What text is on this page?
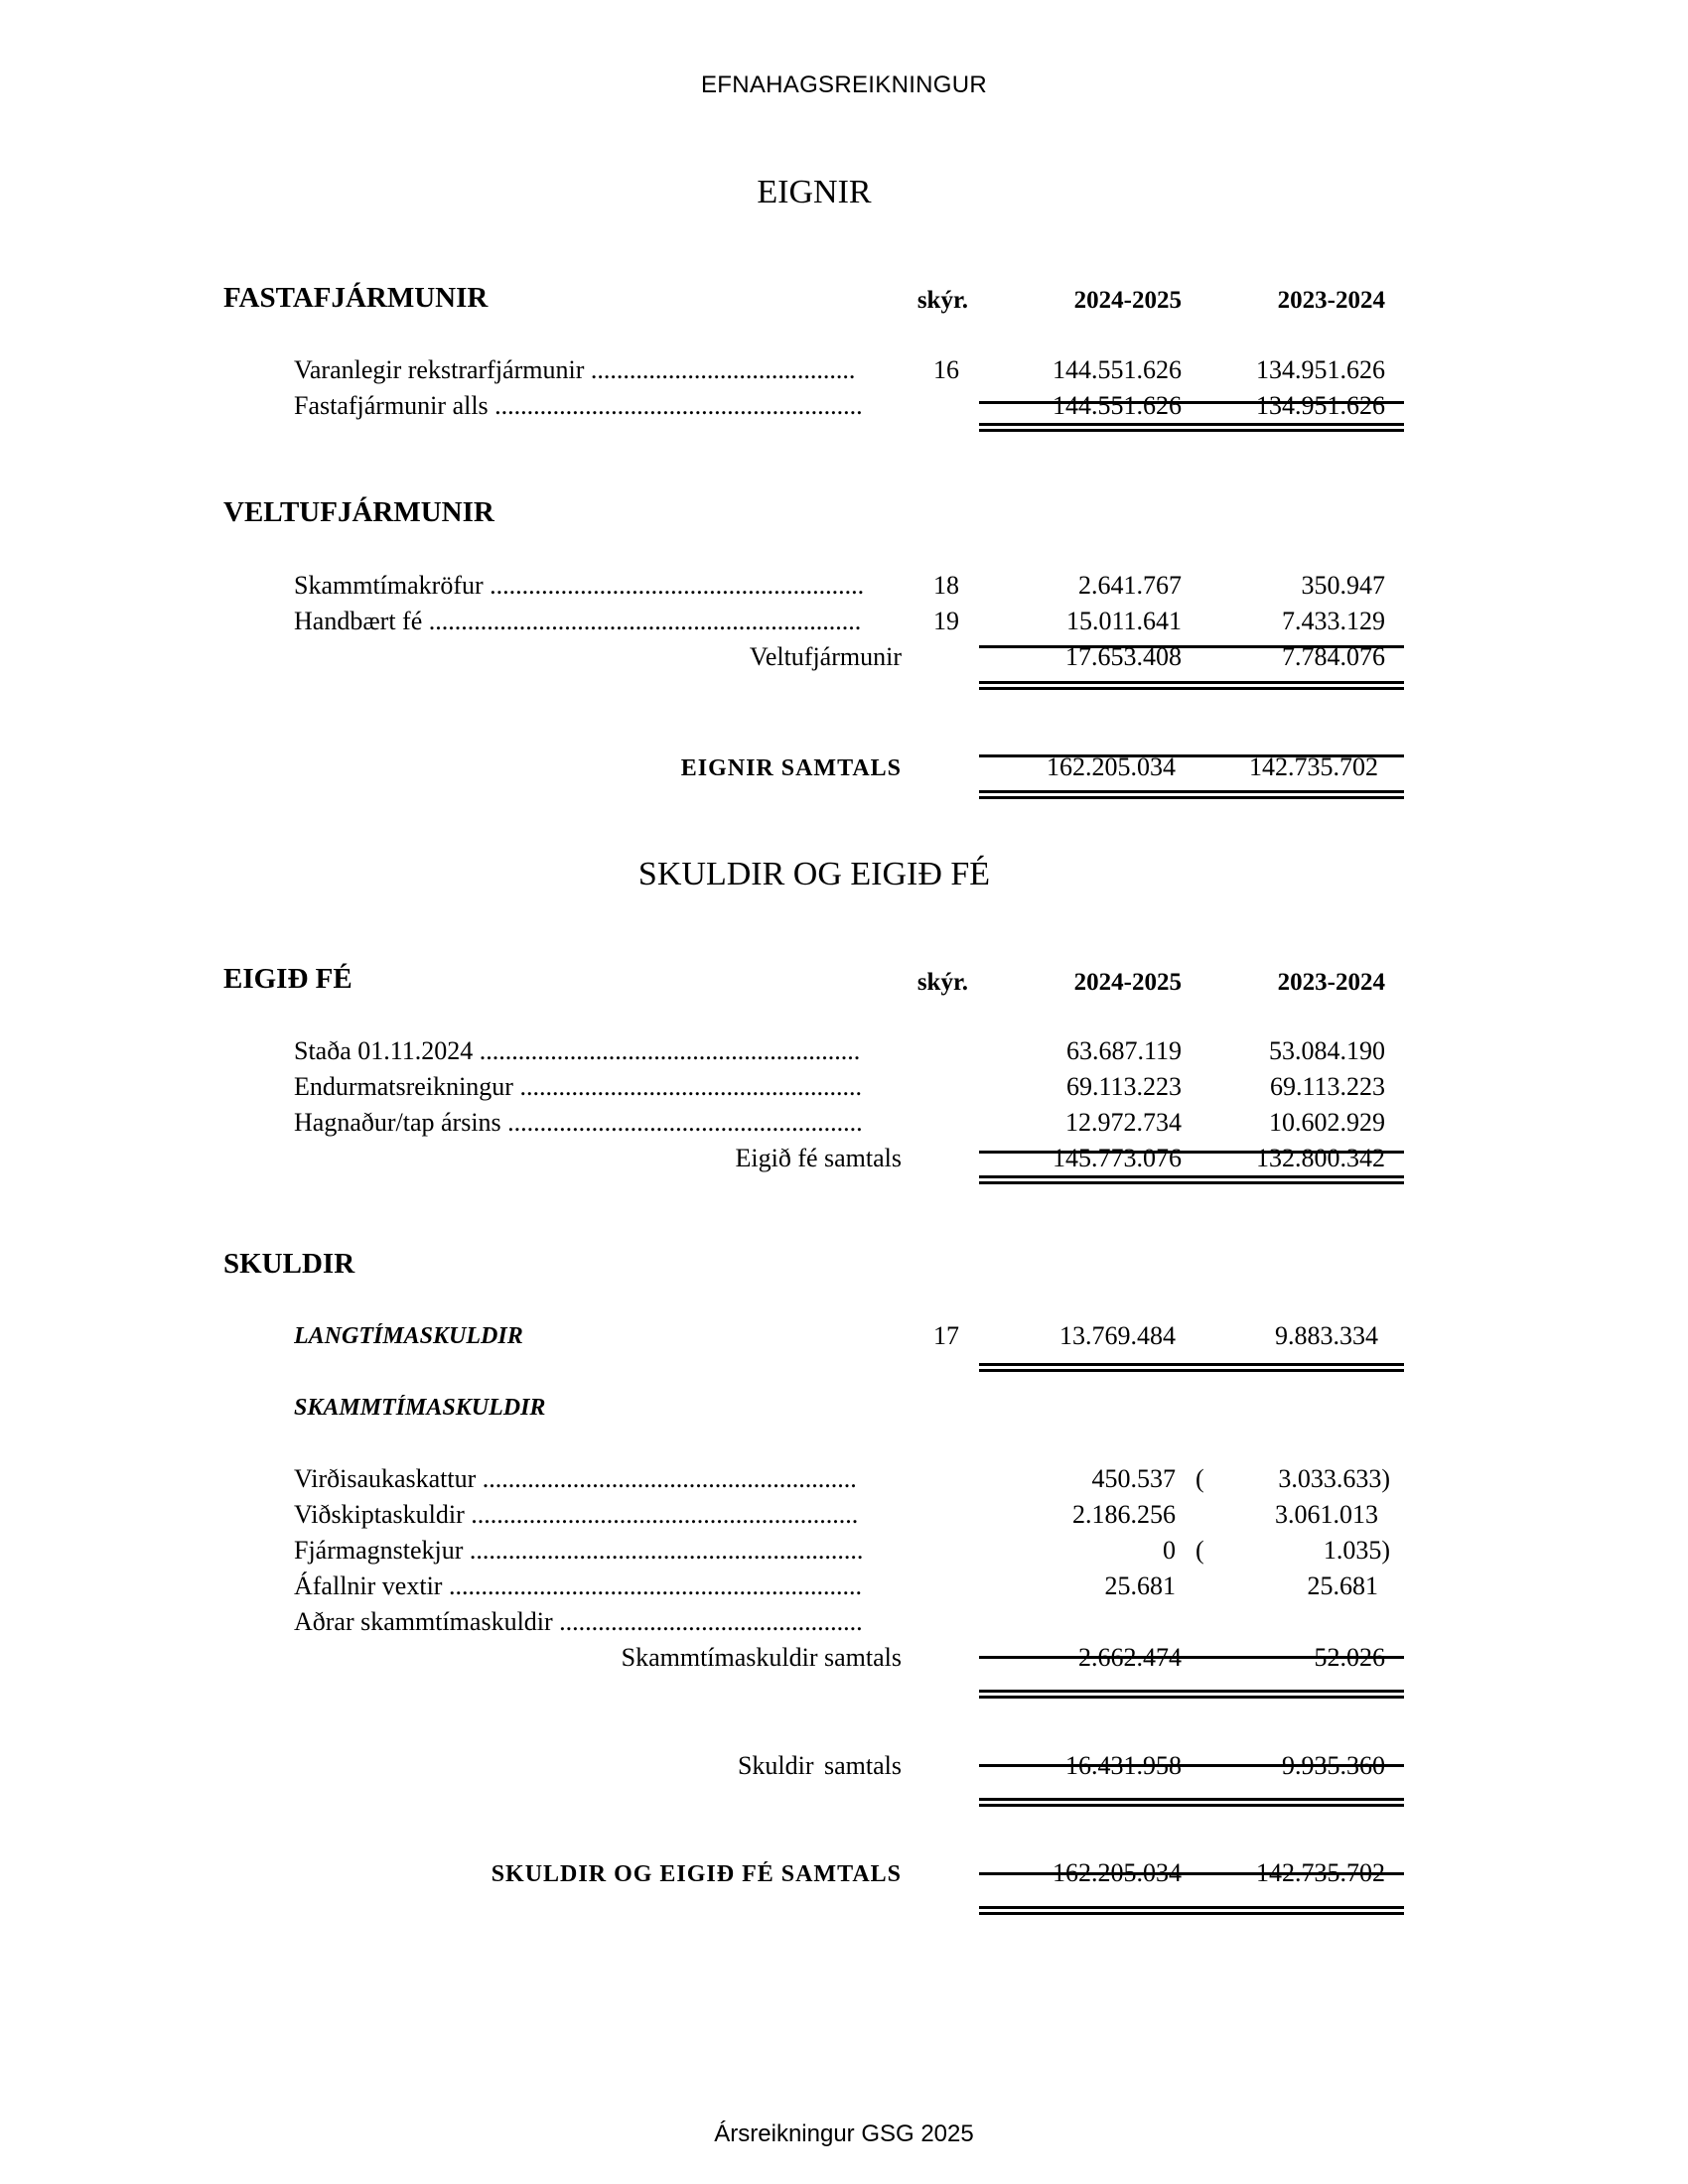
EFNAHAGSREIKNINGUR
EIGNIR
FASTAFJÁRMUNIR	skýr.	2024-2025	2023-2024
Varanlegir rekstrarfjármunir .........................................	16	144.551.626	134.951.626
Fastafjármunir alls .........................................................	144.551.626	134.951.626
VELTUFJÁRMUNIR
Skammtímakröfur ..........................................................	18	2.641.767	350.947
Handbært fé ...................................................................	19	15.011.641	7.433.129
Veltufjármunir	17.653.408	7.784.076
EIGNIR SAMTALS	162.205.034	142.735.702
SKULDIR OG EIGIÐ FÉ
EIGIÐ FÉ	skýr.	2024-2025	2023-2024
Staða 01.11.2024 ...........................................................	63.687.119	53.084.190
Endurmatsreikningur .....................................................	69.113.223	69.113.223
Hagnaður/tap ársins .......................................................	12.972.734	10.602.929
Eigið fé samtals	145.773.076	132.800.342
SKULDIR
LANGTÍMASKULDIR	17	13.769.484	9.883.334
SKAMMTÍMASKULDIR
Virðisaukaskattur ..........................................................	450.537 (	3.033.633)
Viðskiptaskuldir ............................................................	2.186.256	3.061.013
Fjármagnstekjur .............................................................	0 (	1.035)
Áfallnir vextir ................................................................	25.681	25.681
Aðrar skammtímaskuldir ...............................................
Skammtímaskuldir samtals	2.662.474	52.026
Skuldir samtals	16.431.958	9.935.360
SKULDIR OG EIGIÐ FÉ SAMTALS	162.205.034	142.735.702
Ársreikningur GSG 2025
